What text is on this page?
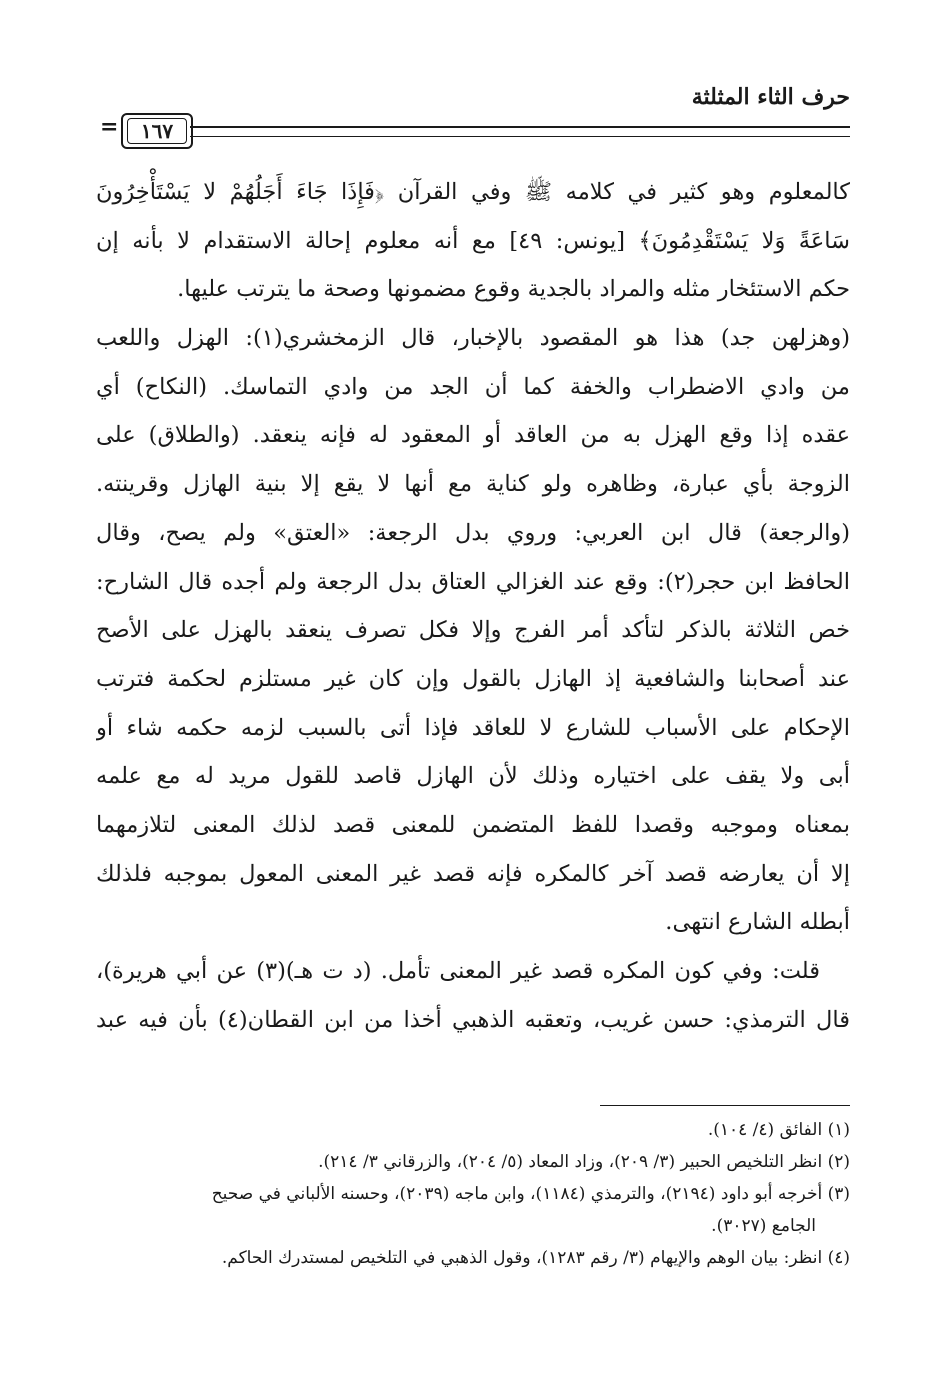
حرف الثاء المثلثة
=	١٦٧
كالمعلوم وهو كثير في كلامه ﷺ وفي القرآن ﴿فَإِذَا جَاءَ أَجَلُهُمْ لا يَسْتَأْخِرُونَ
سَاعَةً وَلا يَسْتَقْدِمُونَ﴾ [يونس: ٤٩] مع أنه معلوم إحالة الاستقدام لا بأنه إن
حكم الاستئخار مثله والمراد بالجدية وقوع مضمونها وصحة ما يترتب عليها.
(وهزلهن جد) هذا هو المقصود بالإخبار، قال الزمخشري(١): الهزل واللعب
من وادي الاضطراب والخفة كما أن الجد من وادي التماسك. (النكاح) أي
عقده إذا وقع الهزل به من العاقد أو المعقود له فإنه ينعقد. (والطلاق) على
الزوجة بأي عبارة، وظاهره ولو كناية مع أنها لا يقع إلا بنية الهازل وقرينته.
(والرجعة) قال ابن العربي: وروي بدل الرجعة: «العتق» ولم يصح، وقال
الحافظ ابن حجر(٢): وقع عند الغزالي العتاق بدل الرجعة ولم أجده قال الشارح:
خص الثلاثة بالذكر لتأكد أمر الفرج وإلا فكل تصرف ينعقد بالهزل على الأصح
عند أصحابنا والشافعية إذ الهازل بالقول وإن كان غير مستلزم لحكمة فترتب
الإحكام على الأسباب للشارع لا للعاقد فإذا أتى بالسبب لزمه حكمه شاء أو
أبى ولا يقف على اختياره وذلك لأن الهازل قاصد للقول مريد له مع علمه
بمعناه وموجبه وقصدا للفظ المتضمن للمعنى قصد لذلك المعنى لتلازمهما
إلا أن يعارضه قصد آخر كالمكره فإنه قصد غير المعنى المعول بموجبه فلذلك
أبطله الشارع انتهى.
قلت: وفي كون المكره قصد غير المعنى تأمل. (د ت هـ)(٣) عن أبي هريرة)،
قال الترمذي: حسن غريب، وتعقبه الذهبي أخذا من ابن القطان(٤) بأن فيه عبد
(١) الفائق (٤/ ١٠٤).
(٢) انظر التلخيص الحبير (٣/ ٢٠٩)، وزاد المعاد (٥/ ٢٠٤)، والزرقاني ٣/ ٢١٤).
(٣) أخرجه أبو داود (٢١٩٤)، والترمذي (١١٨٤)، وابن ماجه (٢٠٣٩)، وحسنه الألباني في صحيح
الجامع (٣٠٢٧).
(٤) انظر: بيان الوهم والإيهام (٣/ رقم ١٢٨٣)، وقول الذهبي في التلخيص لمستدرك الحاكم.
